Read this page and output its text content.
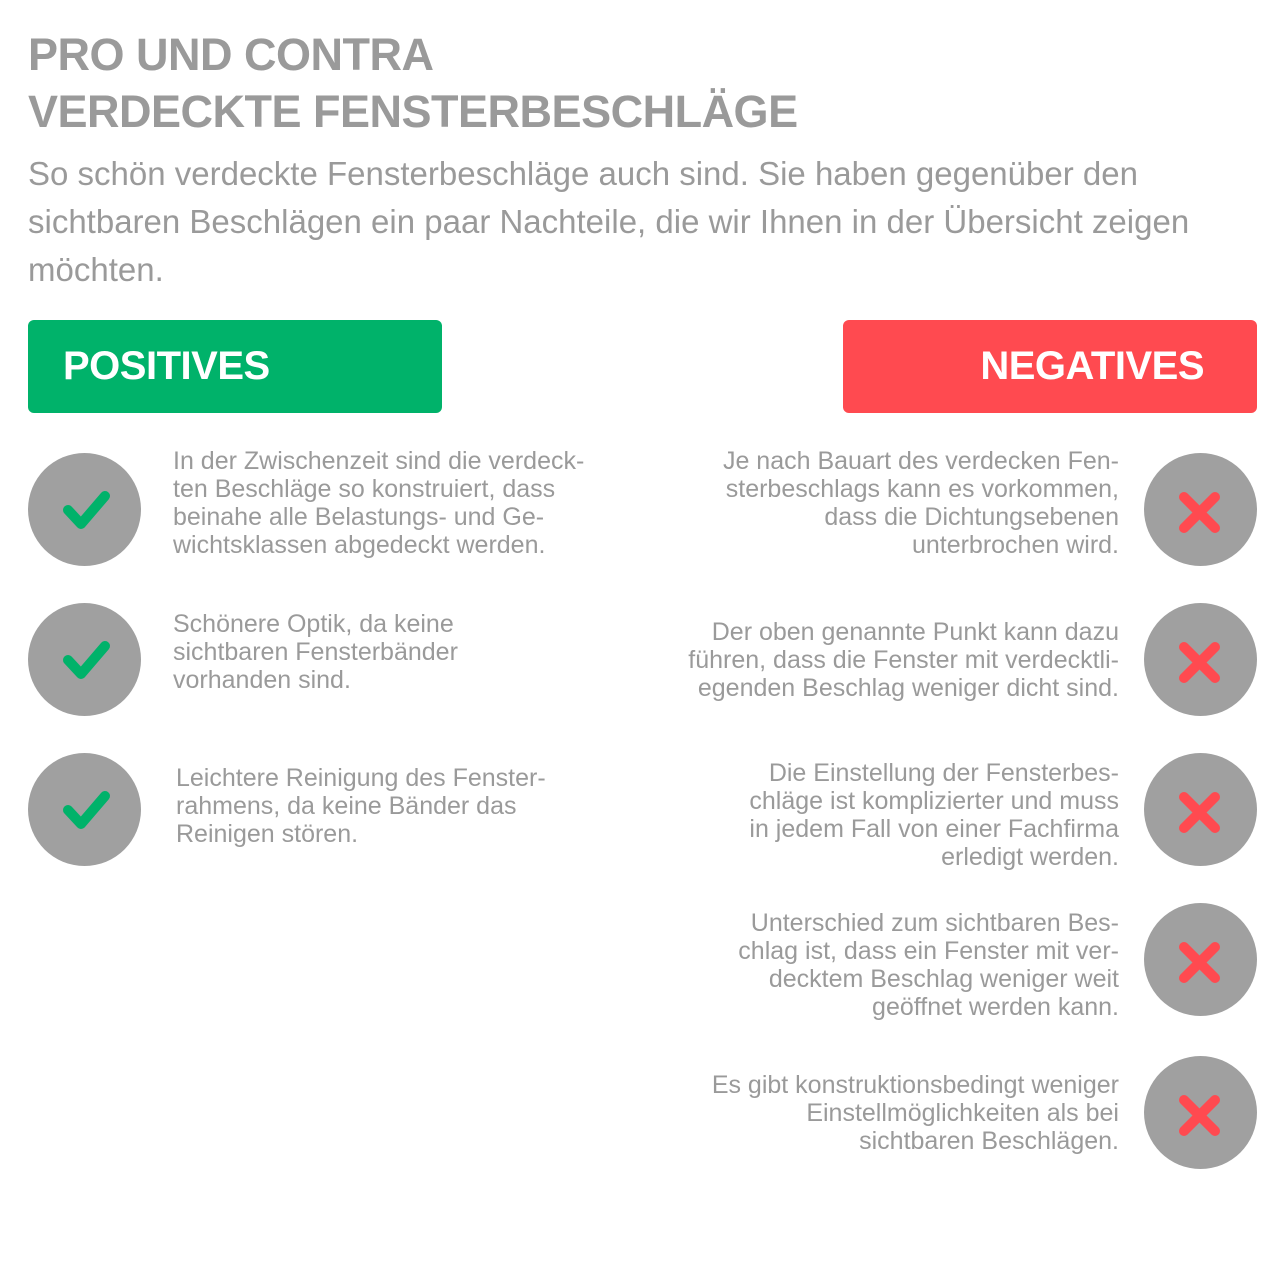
PRO UND CONTRA
VERDECKTE FENSTERBESCHLÄGE

So schön verdeckte Fensterbeschläge auch sind. Sie haben gegenüber den sichtbaren Beschlägen ein paar Nachteile, die wir Ihnen in der Übersicht zeigen möchten.

POSITIVES	NEGATIVES

In der Zwischenzeit sind die verdeck-
ten Beschläge so konstruiert, dass
beinahe alle Belastungs- und Ge-
wichtsklassen abgedeckt werden.

Schönere Optik, da keine
sichtbaren Fensterbänder
vorhanden sind.

Leichtere Reinigung des Fenster-
rahmens, da keine Bänder das
Reinigen stören.

Je nach Bauart des verdecken Fen-
sterbeschlags kann es vorkommen,
dass die Dichtungsebenen
unterbrochen wird.

Der oben genannte Punkt kann dazu
führen, dass die Fenster mit verdecktli-
egenden Beschlag weniger dicht sind.

Die Einstellung der Fensterbes-
chläge ist komplizierter und muss
in jedem Fall von einer Fachfirma
erledigt werden.

Unterschied zum sichtbaren Bes-
chlag ist, dass ein Fenster mit ver-
decktem Beschlag weniger weit
geöffnet werden kann.

Es gibt konstruktionsbedingt weniger
Einstellmöglichkeiten als bei
sichtbaren Beschlägen.
